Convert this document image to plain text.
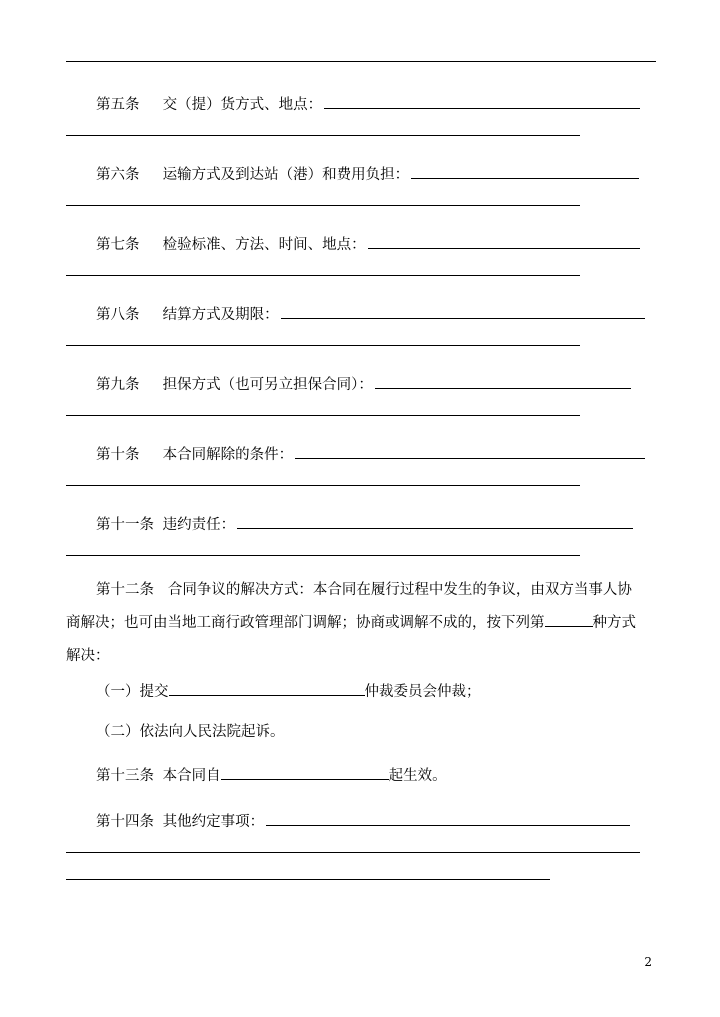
第五条 交（提）货方式、地点：
第六条 运输方式及到达站（港）和费用负担：
第七条 检验标准、方法、时间、地点：
第八条 结算方式及期限：
第九条 担保方式（也可另立担保合同）：
第十条 本合同解除的条件：
第十一条 违约责任：
第十二条 合同争议的解决方式：本合同在履行过程中发生的争议，由双方当事人协商解决；也可由当地工商行政管理部门调解；协商或调解不成的，按下列第	种方式解决：
（一）提交	仲裁委员会仲裁；
（二）依法向人民法院起诉。
第十三条 本合同自	起生效。
第十四条 其他约定事项：
2
